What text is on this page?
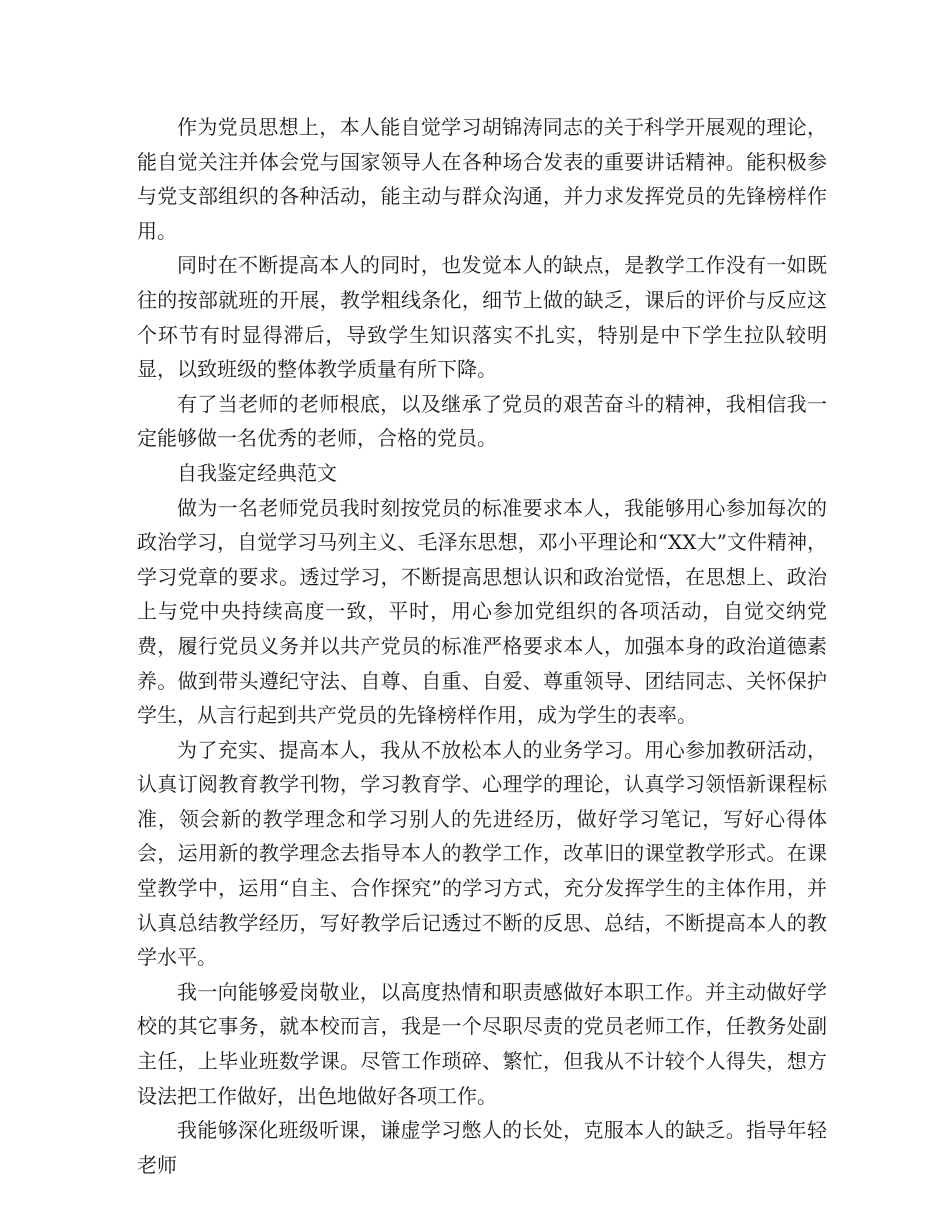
作为党员思想上，本人能自觉学习胡锦涛同志的关于科学开展观的理论，能自觉关注并体会党与国家领导人在各种场合发表的重要讲话精神。能积极参与党支部组织的各种活动，能主动与群众沟通，并力求发挥党员的先锋榜样作用。

同时在不断提高本人的同时，也发觉本人的缺点，是教学工作没有一如既往的按部就班的开展，教学粗线条化，细节上做的缺乏，课后的评价与反应这个环节有时显得滞后，导致学生知识落实不扎实，特别是中下学生拉队较明显，以致班级的整体教学质量有所下降。

有了当老师的老师根底，以及继承了党员的艰苦奋斗的精神，我相信我一定能够做一名优秀的老师，合格的党员。

自我鉴定经典范文

做为一名老师党员我时刻按党员的标准要求本人，我能够用心参加每次的政治学习，自觉学习马列主义、毛泽东思想，邓小平理论和“XX大”文件精神，学习党章的要求。透过学习，不断提高思想认识和政治觉悟，在思想上、政治上与党中央持续高度一致，平时，用心参加党组织的各项活动，自觉交纳党费，履行党员义务并以共产党员的标准严格要求本人，加强本身的政治道德素养。做到带头遵纪守法、自尊、自重、自爱、尊重领导、团结同志、关怀保护学生，从言行起到共产党员的先锋榜样作用，成为学生的表率。

为了充实、提高本人，我从不放松本人的业务学习。用心参加教研活动，认真订阅教育教学刊物，学习教育学、心理学的理论，认真学习领悟新课程标准，领会新的教学理念和学习别人的先进经历，做好学习笔记，写好心得体会，运用新的教学理念去指导本人的教学工作，改革旧的课堂教学形式。在课堂教学中，运用“自主、合作探究”的学习方式，充分发挥学生的主体作用，并认真总结教学经历，写好教学后记透过不断的反思、总结，不断提高本人的教学水平。

我一向能够爱岗敬业，以高度热情和职责感做好本职工作。并主动做好学校的其它事务，就本校而言，我是一个尽职尽责的党员老师工作，任教务处副主任，上毕业班数学课。尽管工作琐碎、繁忙，但我从不计较个人得失，想方设法把工作做好，出色地做好各项工作。

我能够深化班级听课，谦虚学习憋人的长处，克服本人的缺乏。指导年轻老师
